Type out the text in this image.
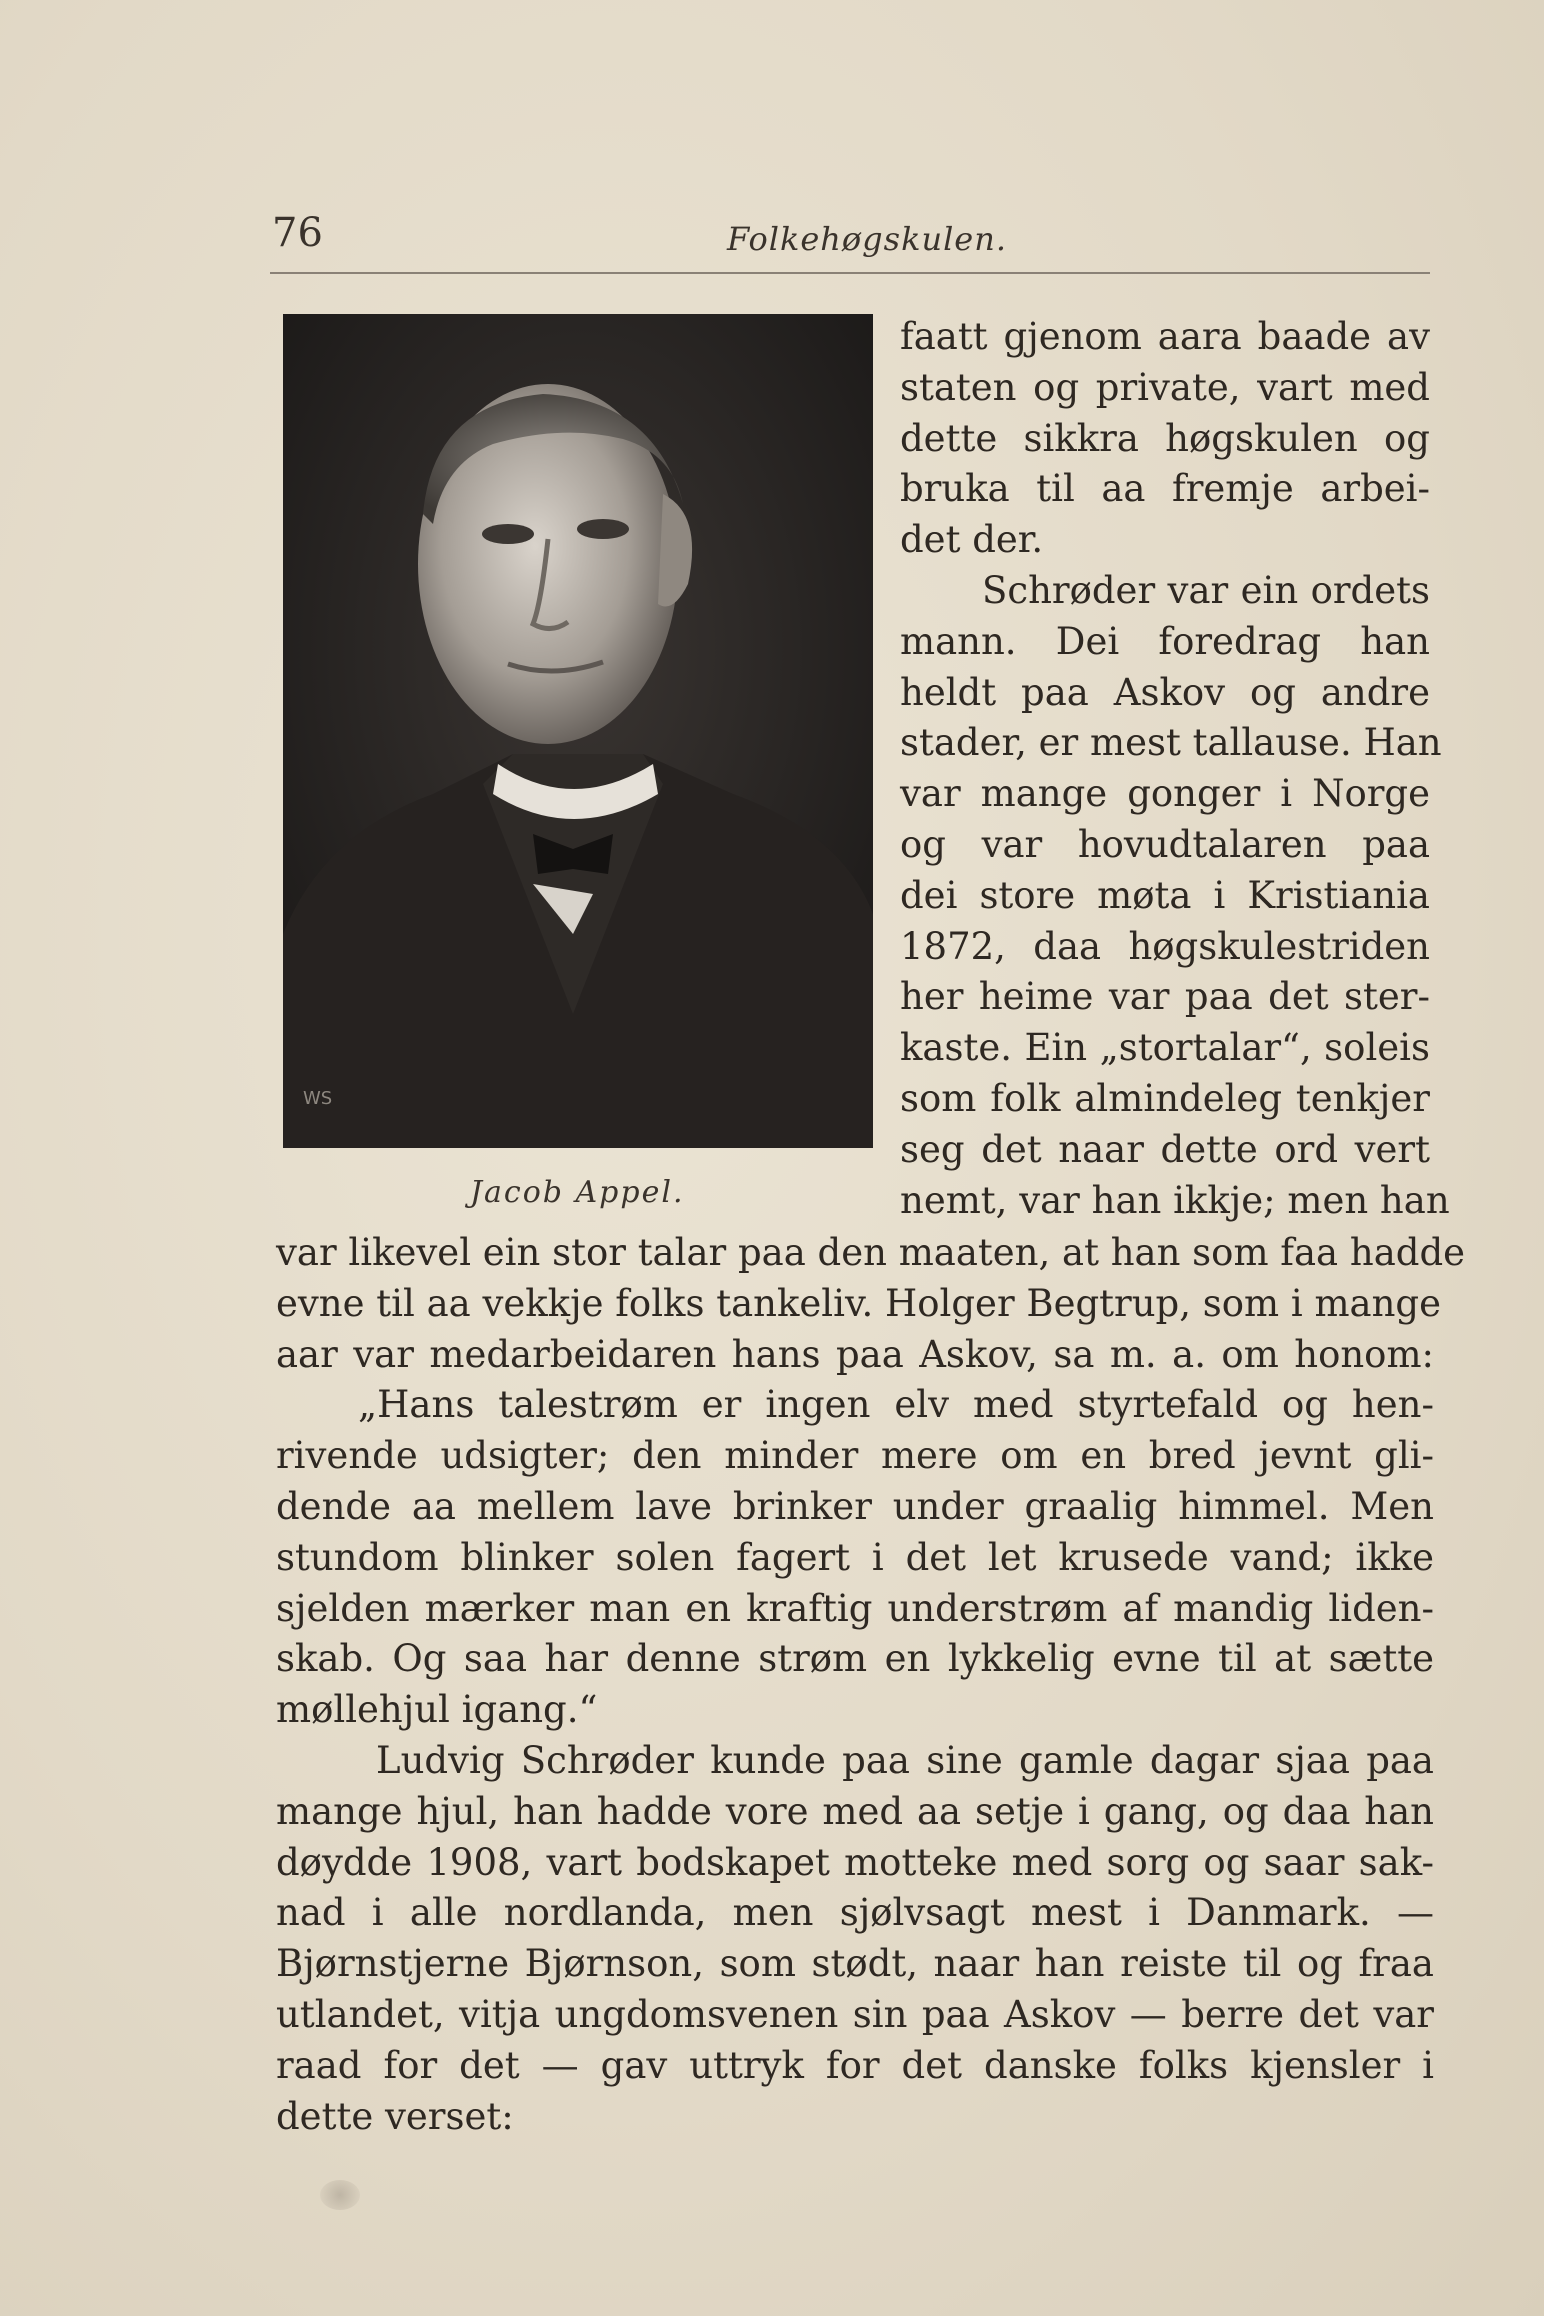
76	Folkehøgskulen.
WS
Jacob Appel.
faatt gjenom aara baade av
staten og private, vart med
dette sikkra høgskulen og
bruka til aa fremje arbei-
det der.
Schrøder var ein ordets
mann. Dei foredrag han
heldt paa Askov og andre
stader, er mest tallause. Han
var mange gonger i Norge
og var hovudtalaren paa
dei store møta i Kristiania
1872, daa høgskulestriden
her heime var paa det ster-
kaste. Ein „stortalar“, soleis
som folk almindeleg tenkjer
seg det naar dette ord vert
nemt, var han ikkje; men han
var likevel ein stor talar paa den maaten, at han som faa hadde
evne til aa vekkje folks tankeliv. Holger Begtrup, som i mange
aar var medarbeidaren hans paa Askov, sa m. a. om honom:
„Hans talestrøm er ingen elv med styrtefald og hen-
rivende udsigter; den minder mere om en bred jevnt gli-
dende aa mellem lave brinker under graalig himmel. Men
stundom blinker solen fagert i det let krusede vand; ikke
sjelden mærker man en kraftig understrøm af mandig liden-
skab. Og saa har denne strøm en lykkelig evne til at sætte
møllehjul igang.“
Ludvig Schrøder kunde paa sine gamle dagar sjaa paa
mange hjul, han hadde vore med aa setje i gang, og daa han
døydde 1908, vart bodskapet motteke med sorg og saar sak-
nad i alle nordlanda, men sjølvsagt mest i Danmark. —
Bjørnstjerne Bjørnson, som stødt, naar han reiste til og fraa
utlandet, vitja ungdomsvenen sin paa Askov — berre det var
raad for det — gav uttryk for det danske folks kjensler i
dette verset:
